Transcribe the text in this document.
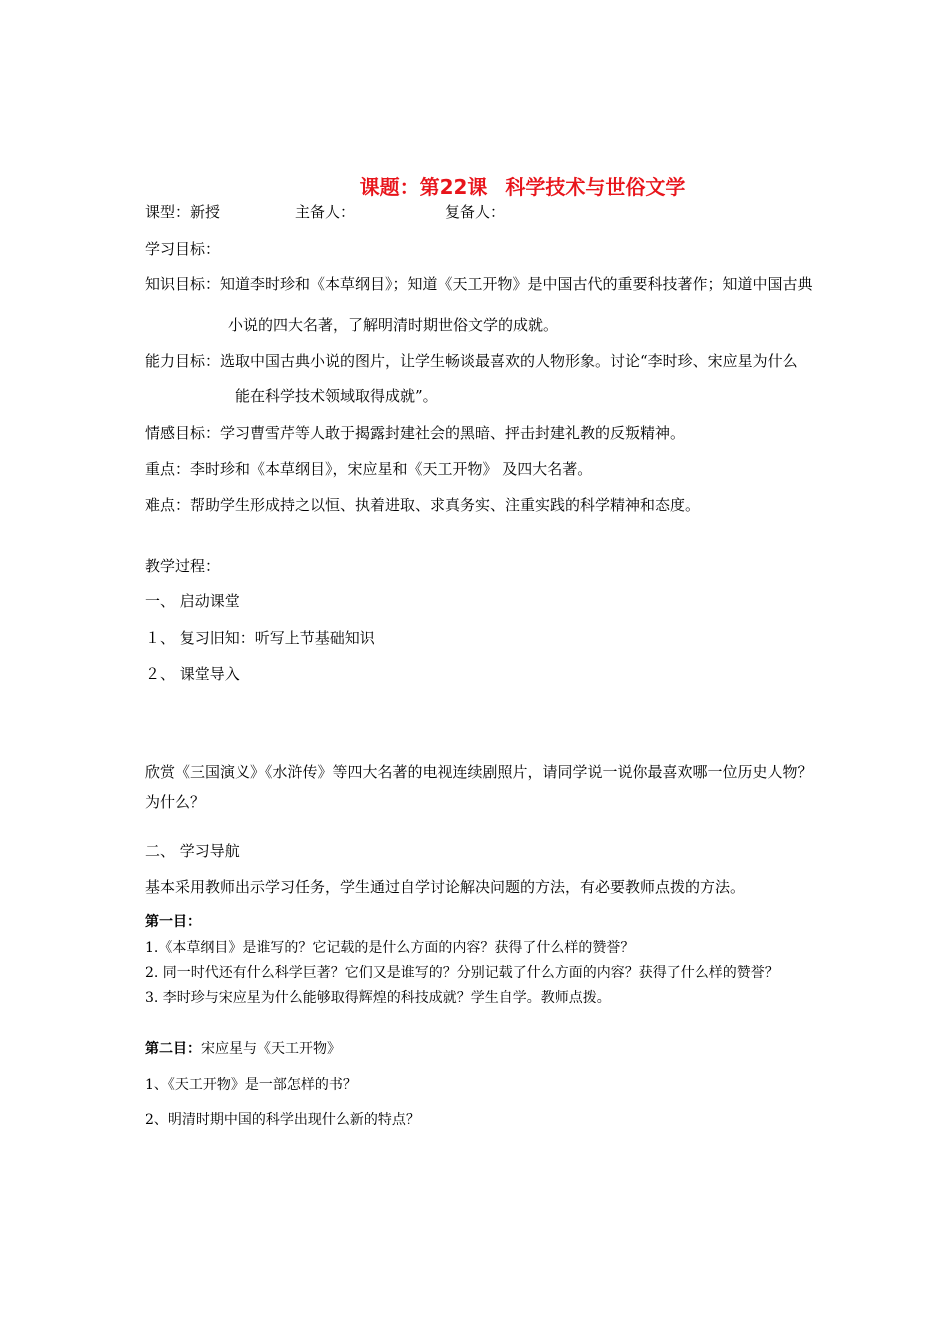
课题：第22课 科学技术与世俗文学
课型：新授	主备人：	复备人：
学习目标：
知识目标：知道李时珍和《本草纲目》；知道《天工开物》是中国古代的重要科技著作；知道中国古典
小说的四大名著，了解明清时期世俗文学的成就。
能力目标：选取中国古典小说的图片，让学生畅谈最喜欢的人物形象。讨论“李时珍、宋应星为什么
能在科学技术领域取得成就”。
情感目标：学习曹雪芹等人敢于揭露封建社会的黑暗、抨击封建礼教的反叛精神。
重点：李时珍和《本草纲目》，宋应星和《天工开物》 及四大名著。
难点：帮助学生形成持之以恒、执着进取、求真务实、注重实践的科学精神和态度。
教学过程：
一、 启动课堂
１、 复习旧知：听写上节基础知识
２、 课堂导入
欣赏《三国演义》《水浒传》等四大名著的电视连续剧照片，请同学说一说你最喜欢哪一位历史人物？
为什么？
二、 学习导航
基本采用教师出示学习任务，学生通过自学讨论解决问题的方法，有必要教师点拨的方法。
第一目：
1.《本草纲目》是谁写的？它记载的是什么方面的内容？获得了什么样的赞誉？
2. 同一时代还有什么科学巨著？它们又是谁写的？分别记载了什么方面的内容？获得了什么样的赞誉？
3. 李时珍与宋应星为什么能够取得辉煌的科技成就？学生自学。教师点拨。
第二目：宋应星与《天工开物》
1、《天工开物》是一部怎样的书？
2、明清时期中国的科学出现什么新的特点？
